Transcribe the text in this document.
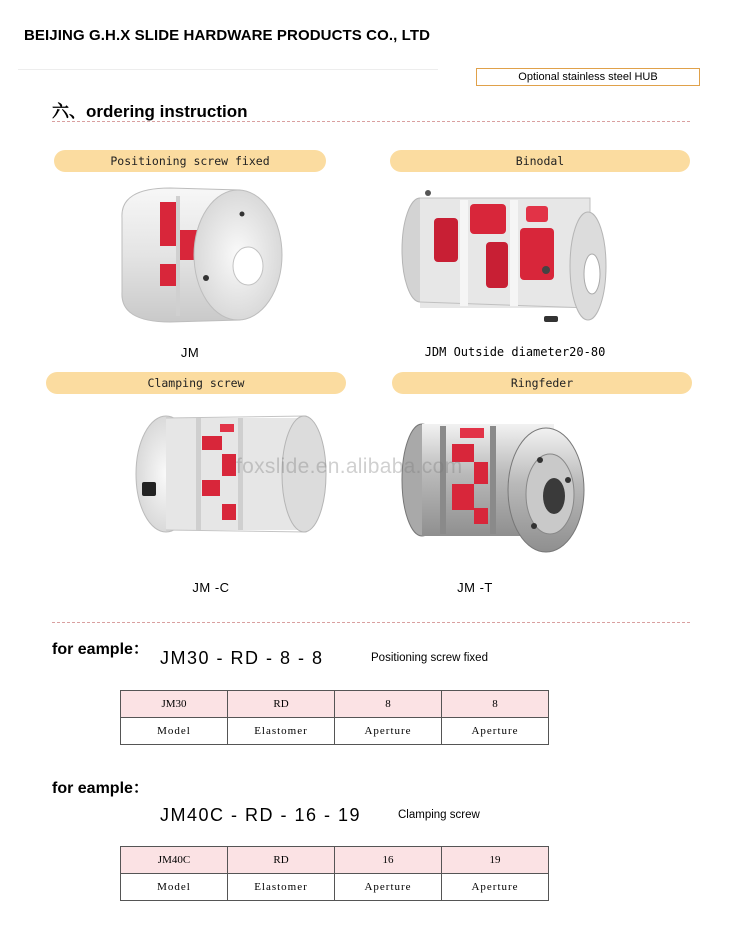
BEIJING G.H.X SLIDE HARDWARE PRODUCTS CO., LTD
Optional stainless steel HUB
六、ordering instruction
Positioning screw fixed	Binodal
Clamping screw	Ringfeder
JM	JDM Outside diameter20-80
JM -C	JM -T
foxslide.en.alibaba.com
for eample： JM30 - RD - 8 - 8	Positioning screw fixed
JM30	RD	8	8
Model	Elastomer	Aperture	Aperture
for eample：
JM40C - RD - 16 - 19	Clamping screw
JM40C	RD	16	19
Model	Elastomer	Aperture	Aperture
